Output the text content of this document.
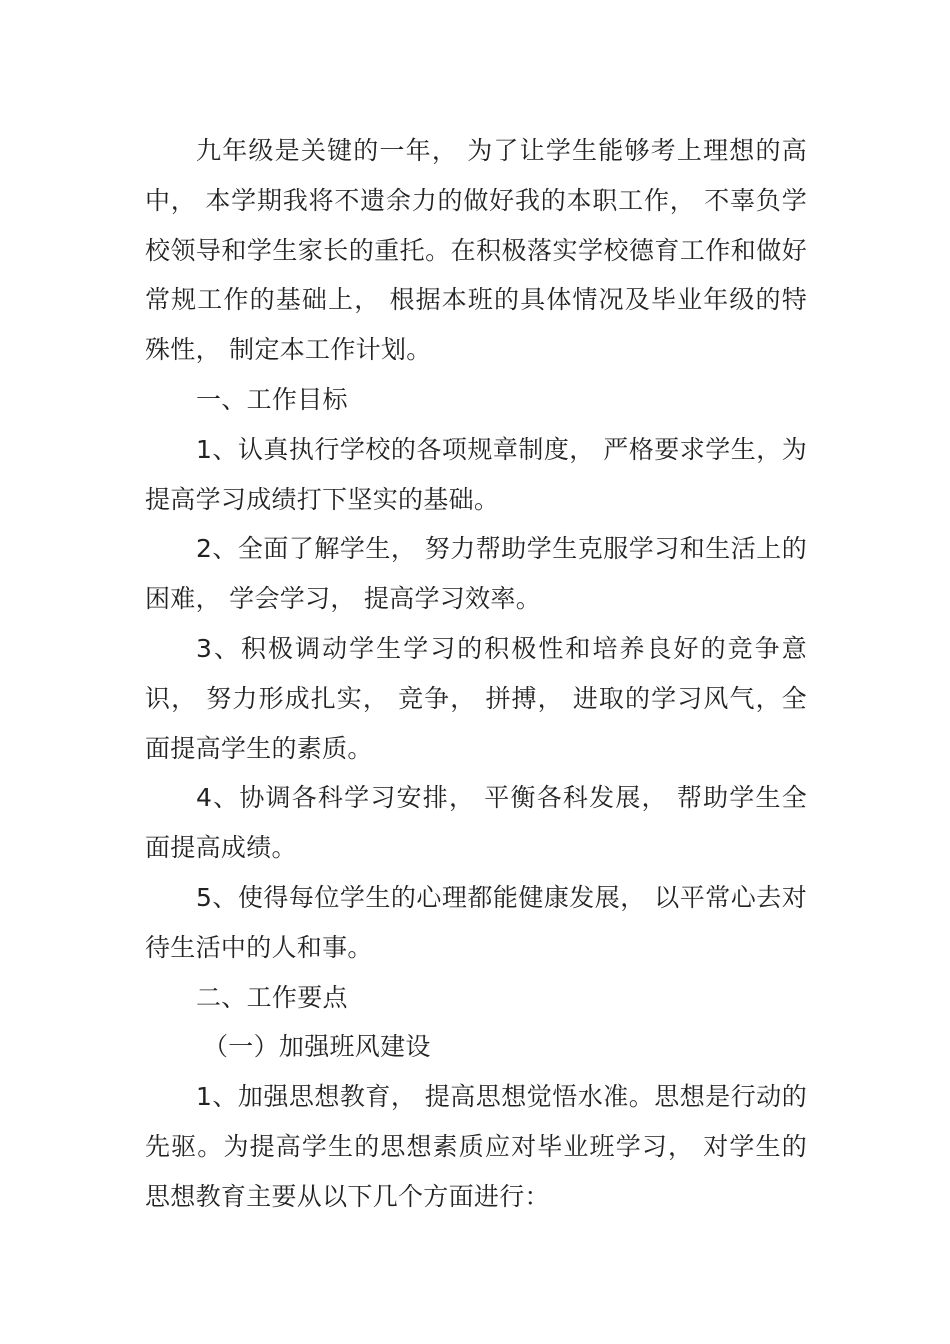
九年级是关键的一年， 为了让学生能够考上理想的高中， 本学期我将不遗余力的做好我的本职工作， 不辜负学校领导和学生家长的重托。在积极落实学校德育工作和做好常规工作的基础上， 根据本班的具体情况及毕业年级的特殊性， 制定本工作计划。

一、工作目标

1、认真执行学校的各项规章制度， 严格要求学生，为提高学习成绩打下坚实的基础。

2、全面了解学生， 努力帮助学生克服学习和生活上的困难， 学会学习， 提高学习效率。

3、积极调动学生学习的积极性和培养良好的竞争意识， 努力形成扎实， 竞争， 拼搏， 进取的学习风气，全面提高学生的素质。

4、协调各科学习安排， 平衡各科发展， 帮助学生全面提高成绩。

5、使得每位学生的心理都能健康发展， 以平常心去对待生活中的人和事。

二、工作要点

（一）加强班风建设

1、加强思想教育， 提高思想觉悟水准。思想是行动的先驱。为提高学生的思想素质应对毕业班学习， 对学生的思想教育主要从以下几个方面进行：
